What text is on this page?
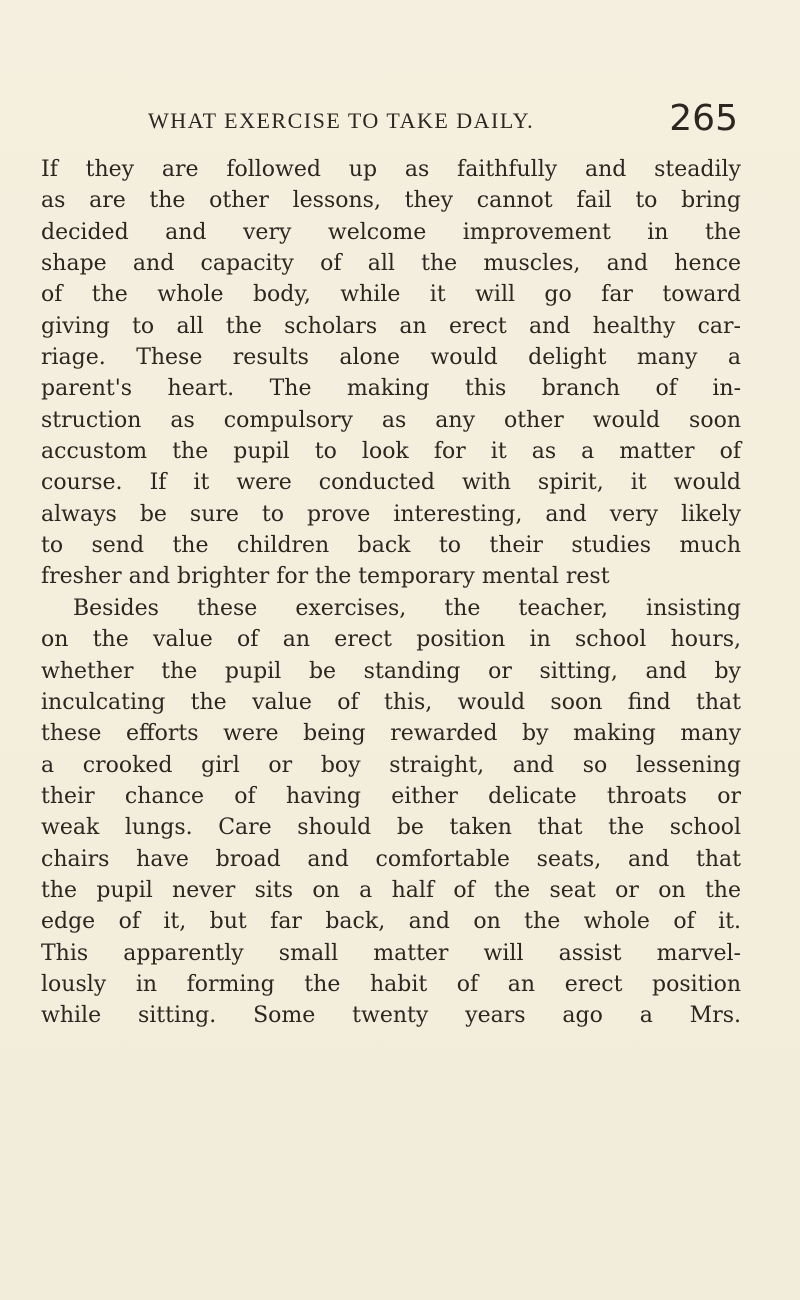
WHAT EXERCISE TO TAKE DAILY.	265
If they are followed up as faithfully and steadily
as are the other lessons, they cannot fail to bring
decided and very welcome improvement in the
shape and capacity of all the muscles, and hence
of the whole body, while it will go far toward
giving to all the scholars an erect and healthy car-
riage. These results alone would delight many a
parent's heart. The making this branch of in-
struction as compulsory as any other would soon
accustom the pupil to look for it as a matter of
course. If it were conducted with spirit, it would
always be sure to prove interesting, and very likely
to send the children back to their studies much
fresher and brighter for the temporary mental rest
Besides these exercises, the teacher, insisting
on the value of an erect position in school hours,
whether the pupil be standing or sitting, and by
inculcating the value of this, would soon find that
these efforts were being rewarded by making many
a crooked girl or boy straight, and so lessening
their chance of having either delicate throats or
weak lungs. Care should be taken that the school
chairs have broad and comfortable seats, and that
the pupil never sits on a half of the seat or on the
edge of it, but far back, and on the whole of it.
This apparently small matter will assist marvel-
lously in forming the habit of an erect position
while sitting. Some twenty years ago a Mrs.
